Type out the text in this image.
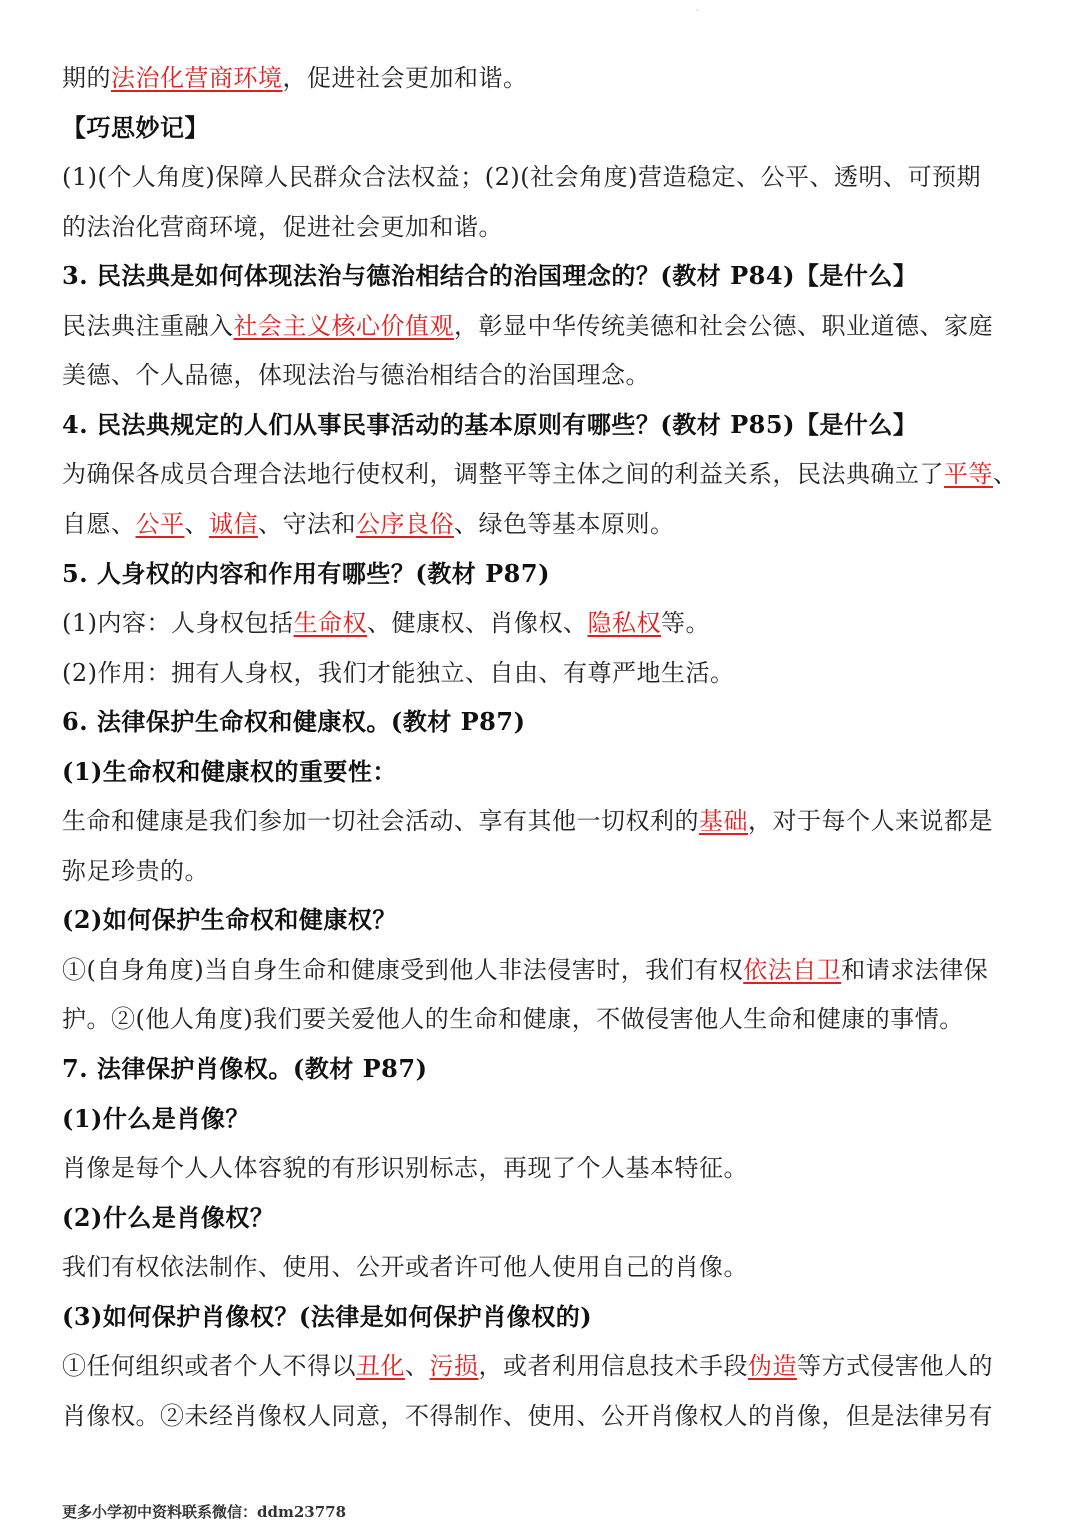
·
期的法治化营商环境，促进社会更加和谐。
【巧思妙记】
(1)(个人角度)保障人民群众合法权益；(2)(社会角度)营造稳定、公平、透明、可预期
的法治化营商环境，促进社会更加和谐。
3. 民法典是如何体现法治与德治相结合的治国理念的？(教材 P84)【是什么】
民法典注重融入社会主义核心价值观，彰显中华传统美德和社会公德、职业道德、家庭
美德、个人品德，体现法治与德治相结合的治国理念。
4. 民法典规定的人们从事民事活动的基本原则有哪些？(教材 P85)【是什么】
为确保各成员合理合法地行使权利，调整平等主体之间的利益关系，民法典确立了平等、
自愿、公平、诚信、守法和公序良俗、绿色等基本原则。
5. 人身权的内容和作用有哪些？(教材 P87)
(1)内容：人身权包括生命权、健康权、肖像权、隐私权等。
(2)作用：拥有人身权，我们才能独立、自由、有尊严地生活。
6. 法律保护生命权和健康权。(教材 P87)
(1)生命权和健康权的重要性：
生命和健康是我们参加一切社会活动、享有其他一切权利的基础，对于每个人来说都是
弥足珍贵的。
(2)如何保护生命权和健康权？
①(自身角度)当自身生命和健康受到他人非法侵害时，我们有权依法自卫和请求法律保
护。②(他人角度)我们要关爱他人的生命和健康，不做侵害他人生命和健康的事情。
7. 法律保护肖像权。(教材 P87)
(1)什么是肖像？
肖像是每个人人体容貌的有形识别标志，再现了个人基本特征。
(2)什么是肖像权？
我们有权依法制作、使用、公开或者许可他人使用自己的肖像。
(3)如何保护肖像权？(法律是如何保护肖像权的)
①任何组织或者个人不得以丑化、污损，或者利用信息技术手段伪造等方式侵害他人的
肖像权。②未经肖像权人同意，不得制作、使用、公开肖像权人的肖像，但是法律另有
更多小学初中资料联系微信：ddm23778
